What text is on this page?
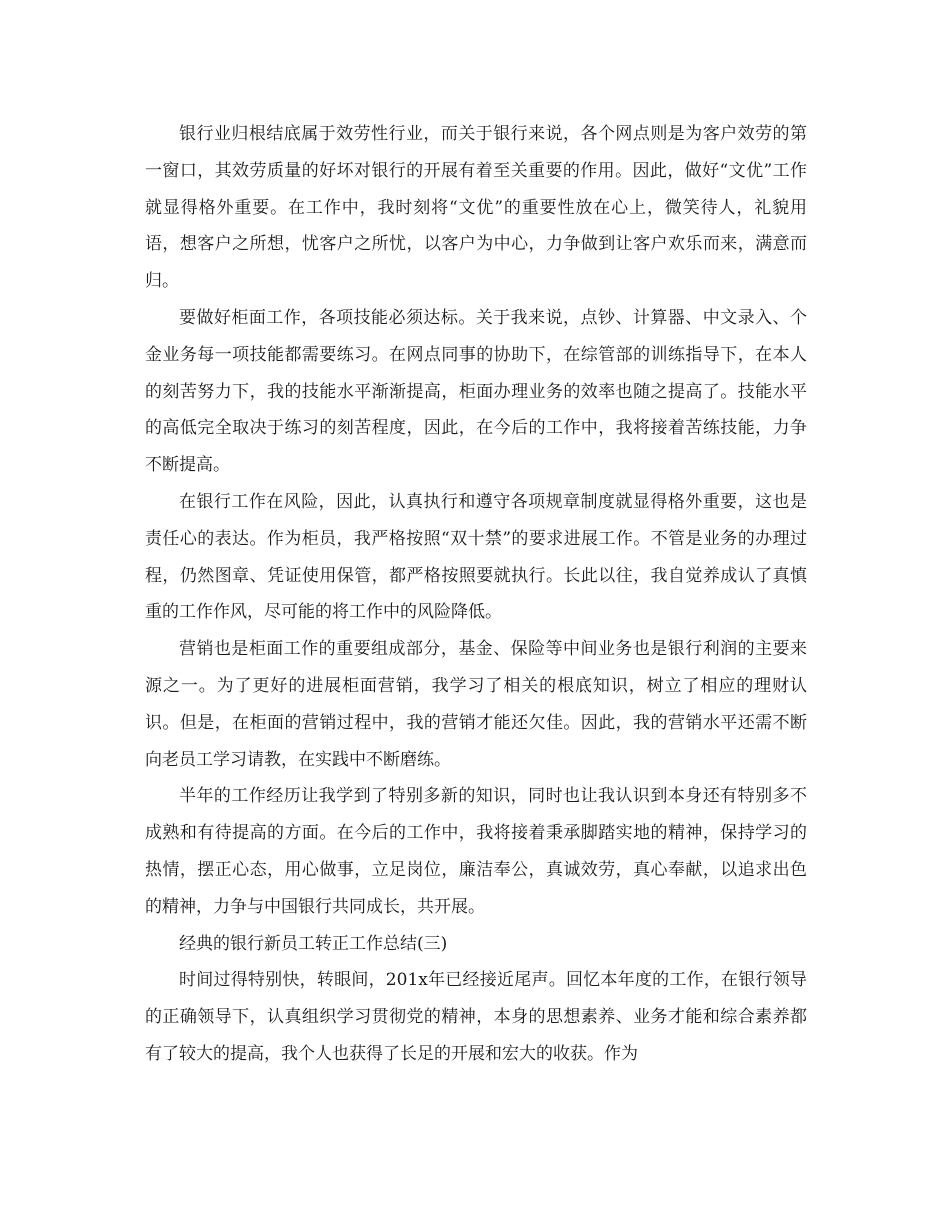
银行业归根结底属于效劳性行业，而关于银行来说，各个网点则是为客户效劳的第一窗口，其效劳质量的好坏对银行的开展有着至关重要的作用。因此，做好“文优”工作就显得格外重要。在工作中，我时刻将“文优”的重要性放在心上，微笑待人，礼貌用语，想客户之所想，忧客户之所忧，以客户为中心，力争做到让客户欢乐而来，满意而归。

要做好柜面工作，各项技能必须达标。关于我来说，点钞、计算器、中文录入、个金业务每一项技能都需要练习。在网点同事的协助下，在综管部的训练指导下，在本人的刻苦努力下，我的技能水平渐渐提高，柜面办理业务的效率也随之提高了。技能水平的高低完全取决于练习的刻苦程度，因此，在今后的工作中，我将接着苦练技能，力争不断提高。

在银行工作在风险，因此，认真执行和遵守各项规章制度就显得格外重要，这也是责任心的表达。作为柜员，我严格按照“双十禁”的要求进展工作。不管是业务的办理过程，仍然图章、凭证使用保管，都严格按照要就执行。长此以往，我自觉养成认了真慎重的工作作风，尽可能的将工作中的风险降低。

营销也是柜面工作的重要组成部分，基金、保险等中间业务也是银行利润的主要来源之一。为了更好的进展柜面营销，我学习了相关的根底知识，树立了相应的理财认识。但是，在柜面的营销过程中，我的营销才能还欠佳。因此，我的营销水平还需不断向老员工学习请教，在实践中不断磨练。

半年的工作经历让我学到了特别多新的知识，同时也让我认识到本身还有特别多不成熟和有待提高的方面。在今后的工作中，我将接着秉承脚踏实地的精神，保持学习的热情，摆正心态，用心做事，立足岗位，廉洁奉公，真诚效劳，真心奉献，以追求出色的精神，力争与中国银行共同成长，共开展。

经典的银行新员工转正工作总结(三)

时间过得特别快，转眼间，201x年已经接近尾声。回忆本年度的工作，在银行领导的正确领导下，认真组织学习贯彻党的精神，本身的思想素养、业务才能和综合素养都有了较大的提高，我个人也获得了长足的开展和宏大的收获。作为
